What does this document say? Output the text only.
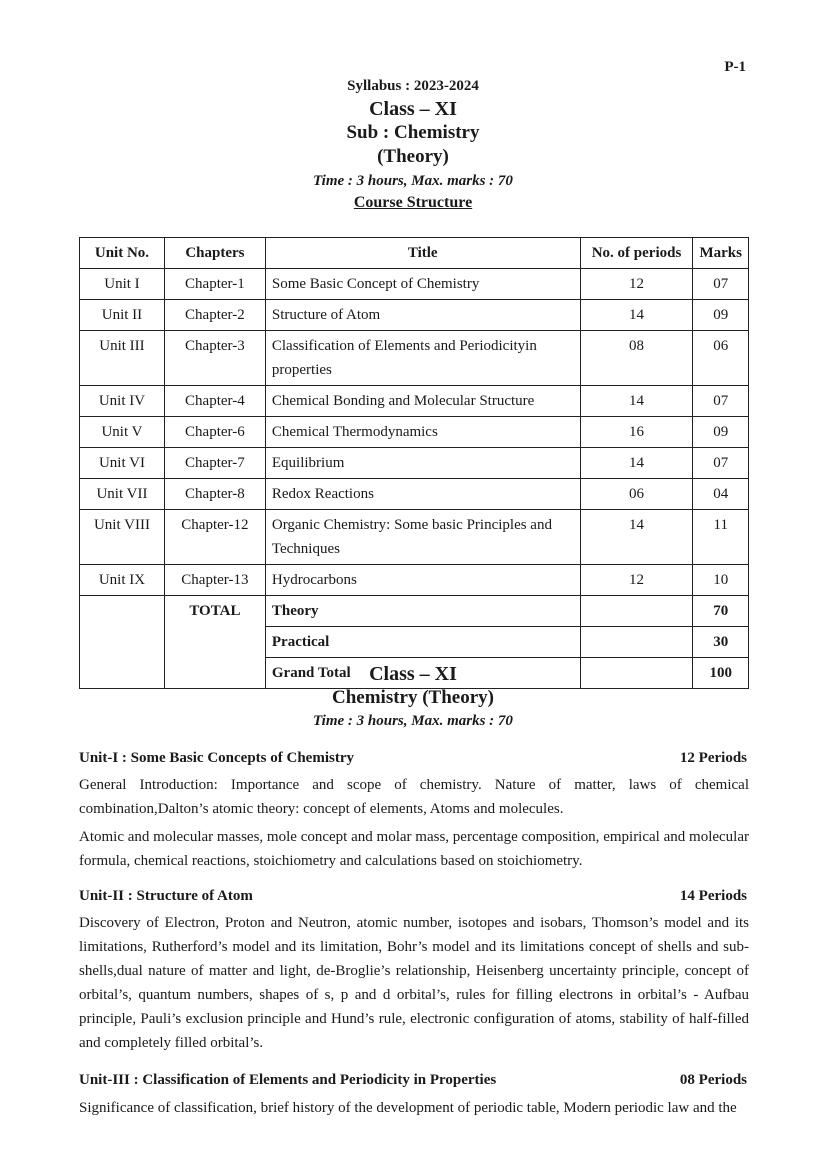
P-1
Syllabus : 2023-2024
Class – XI
Sub : Chemistry
(Theory)
Time : 3 hours, Max. marks : 70
Course Structure
Unit No.	Chapters	Title	No. of periods	Marks
Unit I	Chapter-1	Some Basic Concept of Chemistry	12	07
Unit II	Chapter-2	Structure of Atom	14	09
Unit III	Chapter-3	Classification of Elements and Periodicityin properties	08	06
Unit IV	Chapter-4	Chemical Bonding and Molecular Structure	14	07
Unit V	Chapter-6	Chemical Thermodynamics	16	09
Unit VI	Chapter-7	Equilibrium	14	07
Unit VII	Chapter-8	Redox Reactions	06	04
Unit VIII	Chapter-12	Organic Chemistry: Some basic Principles and Techniques	14	11
Unit IX	Chapter-13	Hydrocarbons	12	10
	TOTAL	Theory		70
		Practical		30
		Grand Total		100
Class – XI
Chemistry (Theory)
Time : 3 hours, Max. marks : 70
Unit-I : Some Basic Concepts of Chemistry	12 Periods

General Introduction: Importance and scope of chemistry. Nature of matter, laws of chemical combination,Dalton’s atomic theory: concept of elements, Atoms and molecules.

Atomic and molecular masses, mole concept and molar mass, percentage composition, empirical and molecular formula, chemical reactions, stoichiometry and calculations based on stoichiometry.

Unit-II : Structure of Atom	14 Periods

Discovery of Electron, Proton and Neutron, atomic number, isotopes and isobars, Thomson’s model and its limitations, Rutherford’s model and its limitation, Bohr’s model and its limitations concept of shells and sub-shells,dual nature of matter and light, de-Broglie’s relationship, Heisenberg uncertainty principle, concept of orbital’s, quantum numbers, shapes of s, p and d orbital’s, rules for filling electrons in orbital’s - Aufbau principle, Pauli’s exclusion principle and Hund’s rule, electronic configuration of atoms, stability of half-filled and completely filled orbital’s.

Unit-III : Classification of Elements and Periodicity in Properties	08 Periods

Significance of classification, brief history of the development of periodic table, Modern periodic law and the
